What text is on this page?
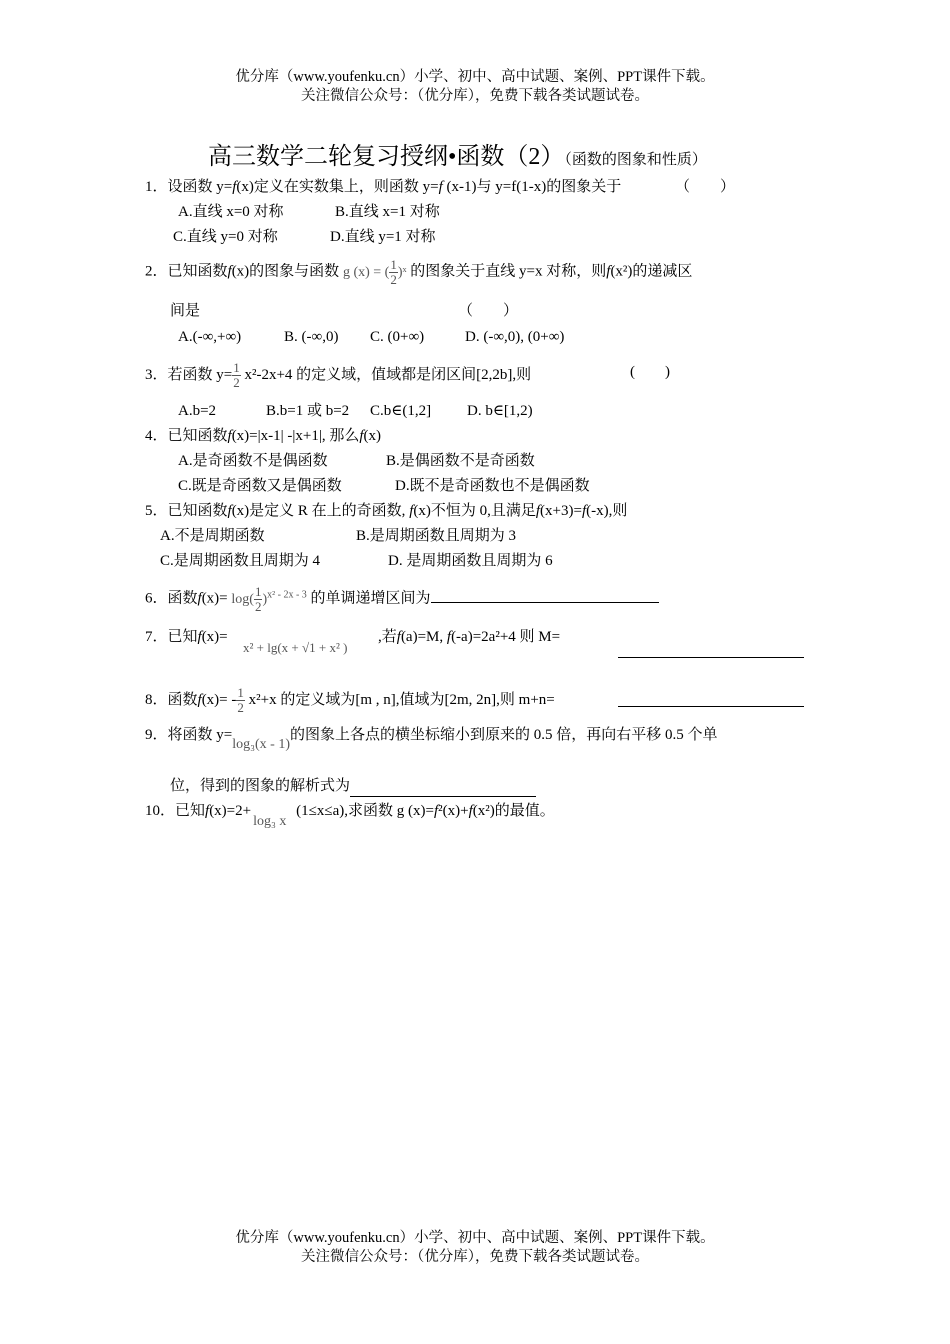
优分库（www.youfenku.cn）小学、初中、高中试题、案例、PPT课件下载。
关注微信公众号：（优分库），免费下载各类试题试卷。
高三数学二轮复习授纲•函数（2）（函数的图象和性质）
1．设函数 y=f(x)定义在实数集上，则函数 y=f (x-1)与 y=f(1-x)的图象关于	（　　）
A.直线 x=0 对称	B.直线 x=1 对称
C.直线 y=0 对称	D.直线 y=1 对称
2．已知函数f(x)的图象与函数 g (x) = ( $\frac{1}{2}$ )ˣ 的图象关于直线 y=x 对称，则f(x²)的递减区
间是	（　　）
A.(-∞,+∞)	B. (-∞,0) C. (0+∞)	D. (-∞,0), (0+∞)
3．若函数 $y= \frac{1}{2} x^2-2x+4$ 的定义域，值域都是闭区间[2,2b],则	(　　)
A.b=2	B.b=1 或 b=2 C.b∈(1,2] D. b∈[1,2)
4．已知函数f(x)=|x-1| -|x+1|, 那么f(x)
A.是奇函数不是偶函数	B.是偶函数不是奇函数
C.既是奇函数又是偶函数	D.既不是奇函数也不是偶函数
5．已知函数f(x)是定义 R 在上的奇函数, f(x)不恒为 0,且满足f(x+3)=f(-x),则
A.不是周期函数	B.是周期函数且周期为 3
C.是周期函数且周期为 4	D. 是周期函数且周期为 6
6．函数$f(x)= \log( \frac{1}{2} )^{x^2 - 2x - 3}$ 的单调递增区间为
7．已知f(x)=
x² + lg(x + √1 + x² )
,若f(a)=M, f(-a)=2a²+4 则 M=
8．函数$f(x)= - \frac{1}{2} x^2+x$ 的定义域为[m , n],值域为[2m, 2n],则 m+n=
9．将函数 y=log₃(x - 1)的图象上各点的横坐标缩小到原来的 0.5 倍，再向右平移 0.5 个单
位，得到的图象的解析式为
10．已知f(x)=2+log₃ x (1≤x≤a),求函数 g (x)=f²(x)+f(x²)的最值。
优分库（www.youfenku.cn）小学、初中、高中试题、案例、PPT课件下载。
关注微信公众号：（优分库），免费下载各类试题试卷。
